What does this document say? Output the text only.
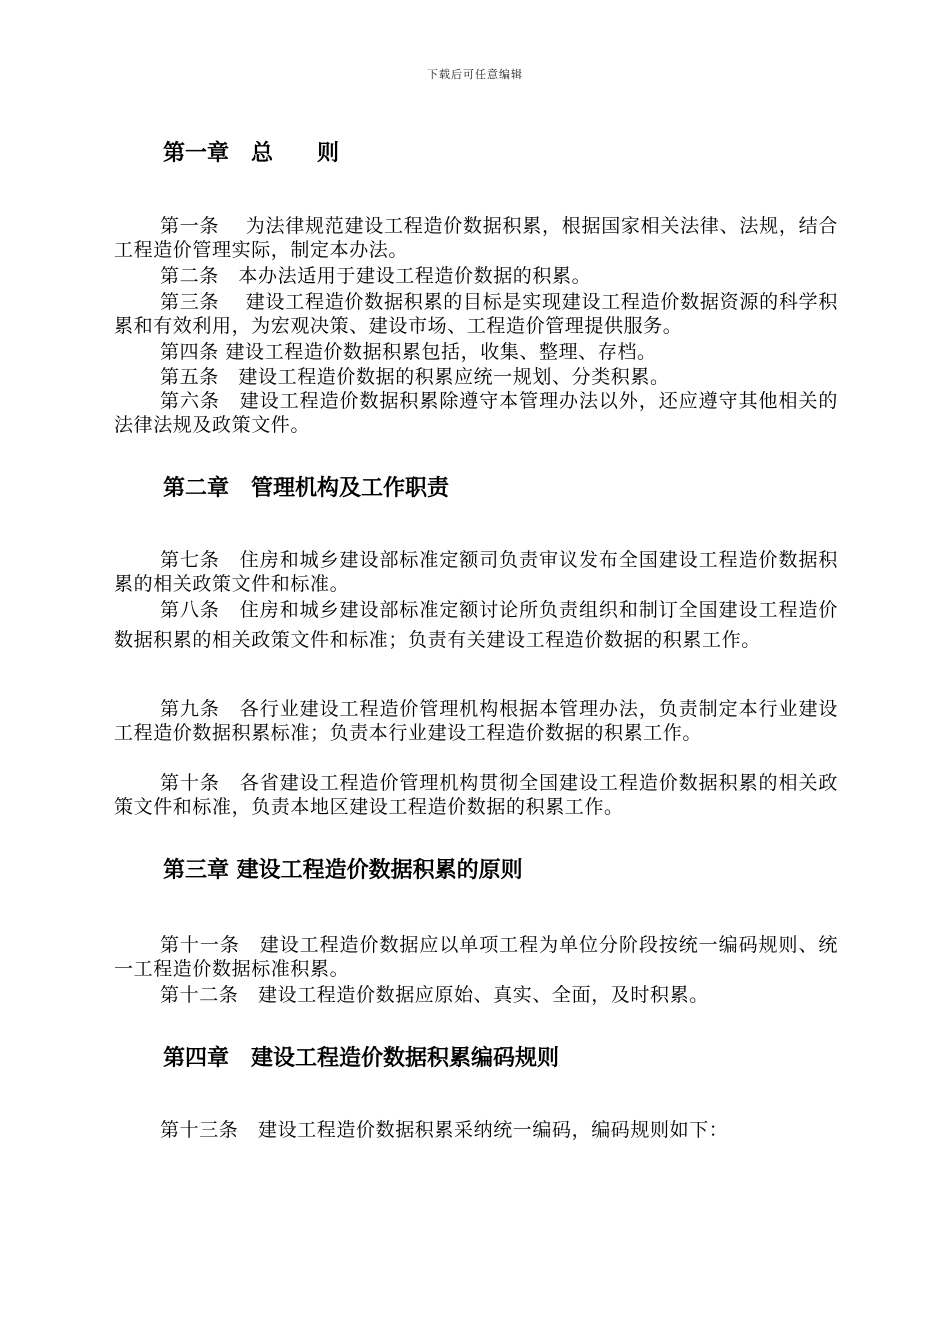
下载后可任意编辑
第一章　总　　则
第一条　 为法律规范建设工程造价数据积累，根据国家相关法律、法规，结合工程造价管理实际，制定本办法。
第二条　本办法适用于建设工程造价数据的积累。
第三条　 建设工程造价数据积累的目标是实现建设工程造价数据资源的科学积累和有效利用，为宏观决策、建设市场、工程造价管理提供服务。
第四条 建设工程造价数据积累包括，收集、整理、存档。
第五条　建设工程造价数据的积累应统一规划、分类积累。
第六条　建设工程造价数据积累除遵守本管理办法以外，还应遵守其他相关的法律法规及政策文件。
第二章　管理机构及工作职责
第七条　住房和城乡建设部标准定额司负责审议发布全国建设工程造价数据积累的相关政策文件和标准。
第八条　住房和城乡建设部标准定额讨论所负责组织和制订全国建设工程造价数据积累的相关政策文件和标准；负责有关建设工程造价数据的积累工作。
第九条　各行业建设工程造价管理机构根据本管理办法，负责制定本行业建设工程造价数据积累标准；负责本行业建设工程造价数据的积累工作。
第十条　各省建设工程造价管理机构贯彻全国建设工程造价数据积累的相关政策文件和标准，负责本地区建设工程造价数据的积累工作。
第三章 建设工程造价数据积累的原则
第十一条　建设工程造价数据应以单项工程为单位分阶段按统一编码规则、统一工程造价数据标准积累。
第十二条　建设工程造价数据应原始、真实、全面，及时积累。
第四章　建设工程造价数据积累编码规则
第十三条　建设工程造价数据积累采纳统一编码，编码规则如下：
